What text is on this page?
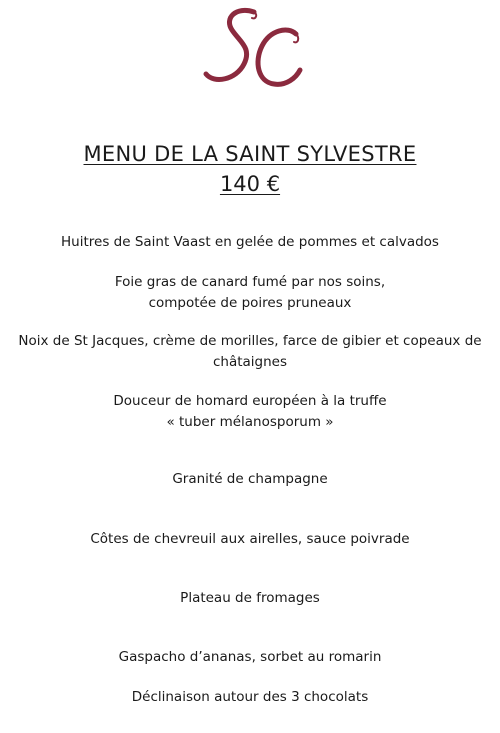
MENU DE LA SAINT SYLVESTRE
140 €
Huitres de Saint Vaast en gelée de pommes et calvados
Foie gras de canard fumé par nos soins,
compotée de poires pruneaux
Noix de St Jacques, crème de morilles, farce de gibier et copeaux de
châtaignes
Douceur de homard européen à la truffe
« tuber mélanosporum »
Granité de champagne
Côtes de chevreuil aux airelles, sauce poivrade
Plateau de fromages
Gaspacho d’ananas, sorbet au romarin
Déclinaison autour des 3 chocolats
